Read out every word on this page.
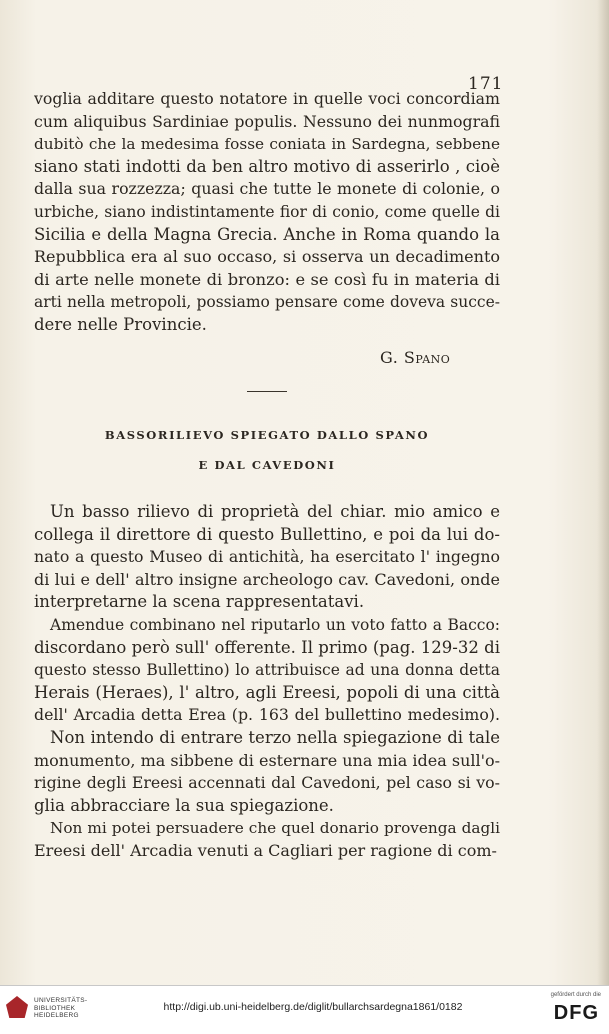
171
voglia additare questo notatore in quelle voci concordiam
cum aliquibus Sardiniae populis. Nessuno dei nunmografi
dubitò che la medesima fosse coniata in Sardegna, sebbene
siano stati indotti da ben altro motivo di asserirlo , cioè
dalla sua rozzezza; quasi che tutte le monete di colonie, o
urbiche, siano indistintamente fior di conio, come quelle di
Sicilia e della Magna Grecia. Anche in Roma quando la
Repubblica era al suo occaso, si osserva un decadimento
di arte nelle monete di bronzo: e se così fu in materia di
arti nella metropoli, possiamo pensare come doveva succe-
dere nelle Provincie.
G. Spano
BASSORILIEVO SPIEGATO DALLO SPANO
E DAL CAVEDONI
Un basso rilievo di proprietà del chiar. mio amico e
collega il direttore di questo Bullettino, e poi da lui do-
nato a questo Museo di antichità, ha esercitato l' ingegno
di lui e dell' altro insigne archeologo cav. Cavedoni, onde
interpretarne la scena rappresentatavi.
Amendue combinano nel riputarlo un voto fatto a Bacco:
discordano però sull' offerente. Il primo (pag. 129-32 di
questo stesso Bullettino) lo attribuisce ad una donna detta
Herais (Heraes), l' altro, agli Ereesi, popoli di una città
dell' Arcadia detta Erea (p. 163 del bullettino medesimo).
Non intendo di entrare terzo nella spiegazione di tale
monumento, ma sibbene di esternare una mia idea sull'o-
rigine degli Ereesi accennati dal Cavedoni, pel caso si vo-
glia abbracciare la sua spiegazione.
Non mi potei persuadere che quel donario provenga dagli
Ereesi dell' Arcadia venuti a Cagliari per ragione di com-
UNIVERSITÄTS-
BIBLIOTHEK
HEIDELBERG
http://digi.ub.uni-heidelberg.de/diglit/bullarchsardegna1861/0182
gefördert durch die
DFG
